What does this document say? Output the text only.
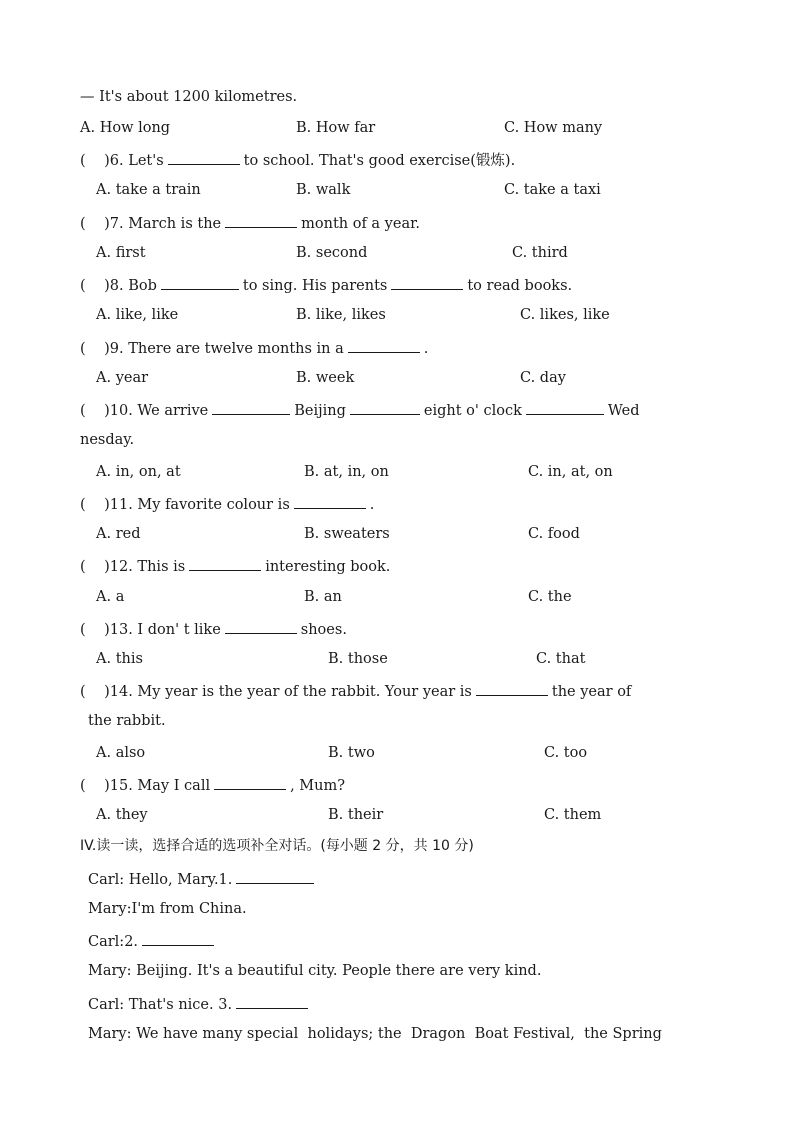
— It's about 1200 kilometres.
A. How long	B. How far	C. How many
(    )6. Let's	to school. That's good exercise(锻炼).
A. take a train	B. walk	C. take a taxi
(    )7. March is the	month of a year.
A. first	B. second	C. third
(    )8. Bob	to sing. His parents	to read books.
A. like, like	B. like, likes	C. likes, like
(    )9. There are twelve months in a	.
A. year	B. week	C. day
(    )10. We arrive	Beijing	eight o' clock	Wed
nesday.
A. in, on, at	B. at, in, on	C. in, at, on
(    )11. My favorite colour is	.
A. red	B. sweaters	C. food
(    )12. This is	interesting book.
A. a	B. an	C. the
(    )13. I don' t like	shoes.
A. this	B. those	C. that
(    )14. My year is the year of the rabbit. Your year is	the year of
the rabbit.
A. also	B. two	C. too
(    )15. May I call	, Mum?
A. they	B. their	C. them
IV.读一读，选择合适的选项补全对话。(每小题 2 分，共 10 分)
Carl: Hello, Mary.1.
Mary:I'm from China.
Carl:2.
Mary: Beijing. It's a beautiful city. People there are very kind.
Carl: That's nice. 3.
Mary: We have many special  holidays; the  Dragon  Boat Festival,  the Spring
